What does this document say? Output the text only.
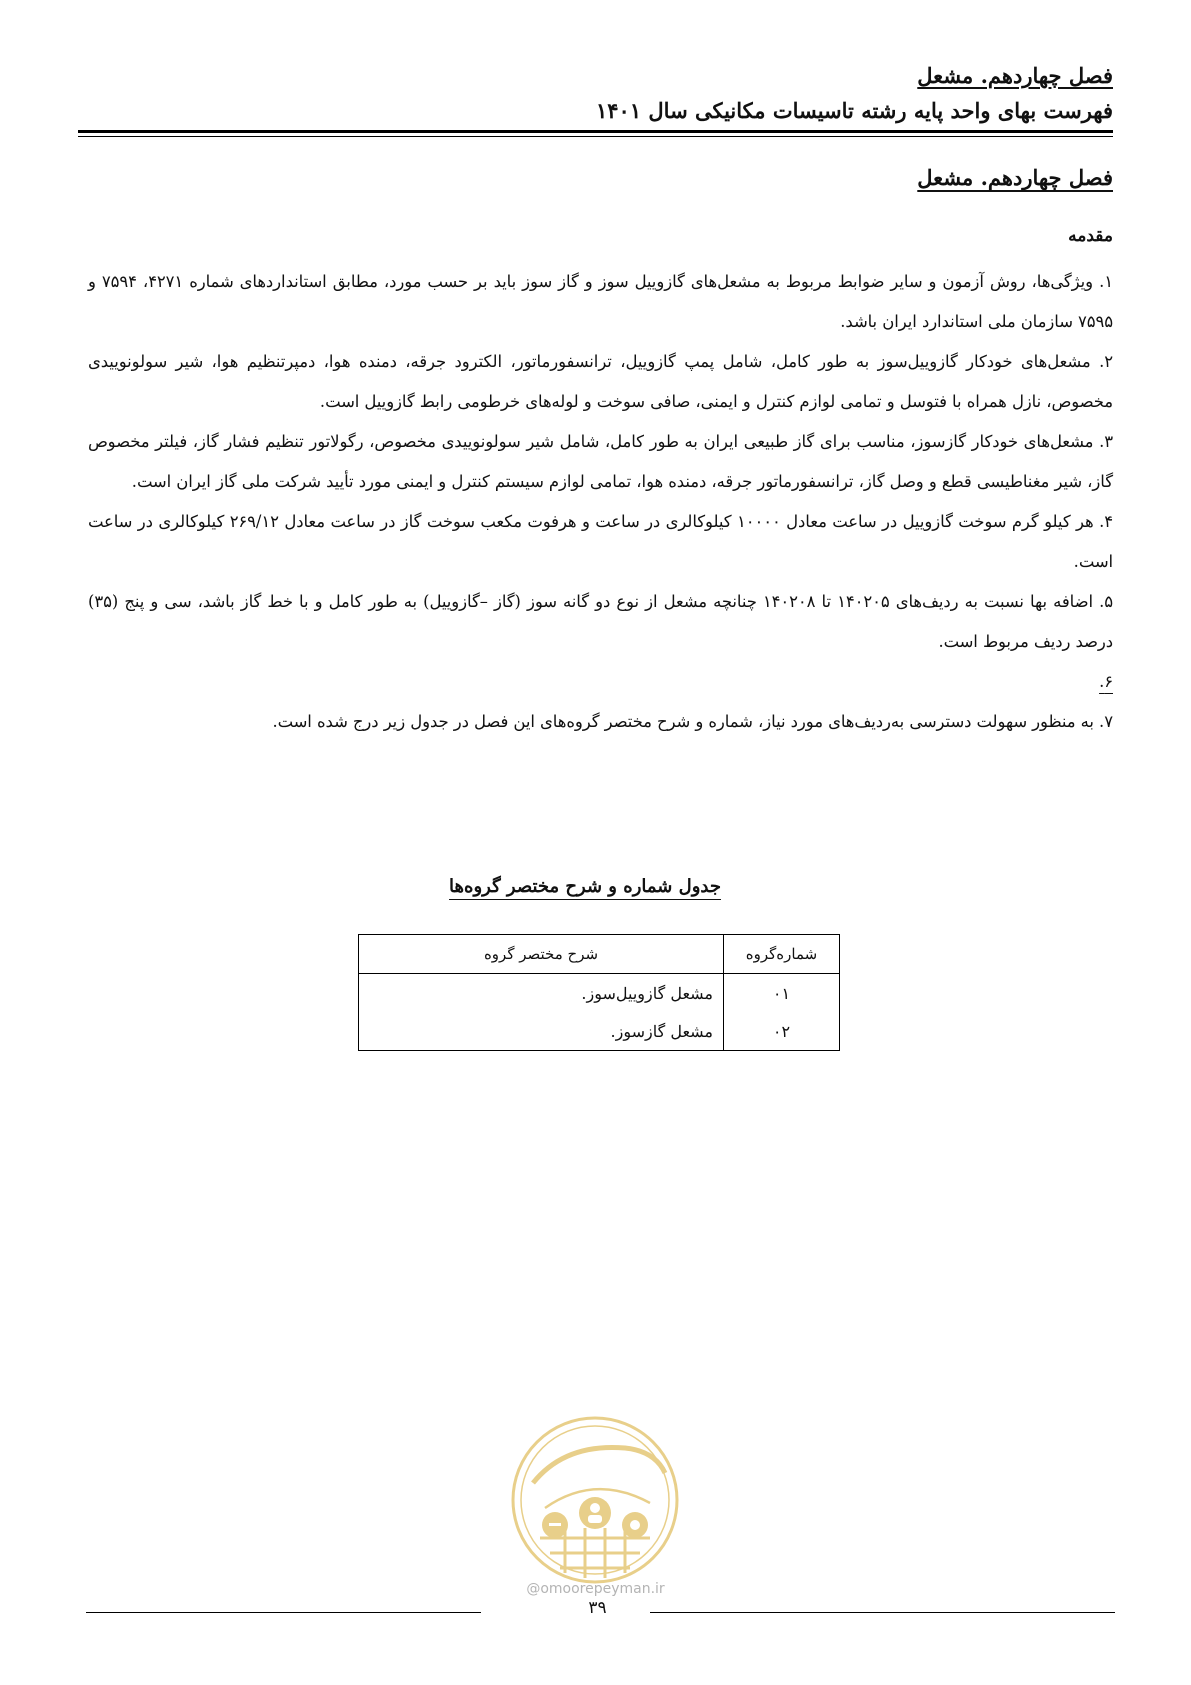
فصل چهاردهم. مشعل
فهرست بهای واحد پایه رشته تاسیسات مکانیکی سال ۱۴۰۱
فصل چهاردهم. مشعل
مقدمه

۱. ویژگی‌ها، روش آزمون و سایر ضوابط مربوط به مشعل‌های گازوییل سوز و گاز سوز باید بر حسب مورد، مطابق استانداردهای شماره ۴۲۷۱، ۷۵۹۴ و ۷۵۹۵ سازمان ملی استاندارد ایران باشد.

۲. مشعل‌های خودکار گازوییل‌سوز به طور کامل، شامل پمپ گازوییل، ترانسفورماتور، الکترود جرقه، دمنده هوا، دمپرتنظیم هوا، شیر سولونوییدی مخصوص، نازل همراه با فتوسل و تمامی لوازم کنترل و ایمنی، صافی سوخت و لوله‌های خرطومی رابط گازوییل است.

۳. مشعل‌های خودکار گازسوز، مناسب برای گاز طبیعی ایران به طور کامل، شامل شیر سولونوییدی مخصوص، رگولاتور تنظیم فشار گاز، فیلتر مخصوص گاز، شیر مغناطیسی قطع و وصل گاز، ترانسفورماتور جرقه، دمنده هوا، تمامی لوازم سیستم کنترل و ایمنی مورد تأیید شرکت ملی گاز ایران است.

۴. هر کیلو گرم سوخت گازوییل در ساعت معادل ۱۰۰۰۰ کیلوکالری در ساعت و هرفوت مکعب سوخت گاز در ساعت معادل ۲۶۹/۱۲ کیلوکالری در ساعت است.

۵. اضافه بها نسبت به ردیف‌های ۱۴۰۲۰۵ تا ۱۴۰۲۰۸ چنانچه مشعل از نوع دو گانه سوز (گاز –گازوییل) به طور کامل و با خط گاز باشد، سی و پنج (۳۵) درصد ردیف مربوط است.

۶.

۷. به منظور سهولت دسترسی به‌ردیف‌های مورد نیاز، شماره و شرح مختصر گروه‌های این فصل در جدول زیر درج شده است.

جدول شماره و شرح مختصر گروه‌ها
شماره‌گروه	شرح مختصر گروه
۰۱	مشعل گازوییل‌سوز.
۰۲	مشعل گازسوز.
@omoorepeyman.ir
۳۹
